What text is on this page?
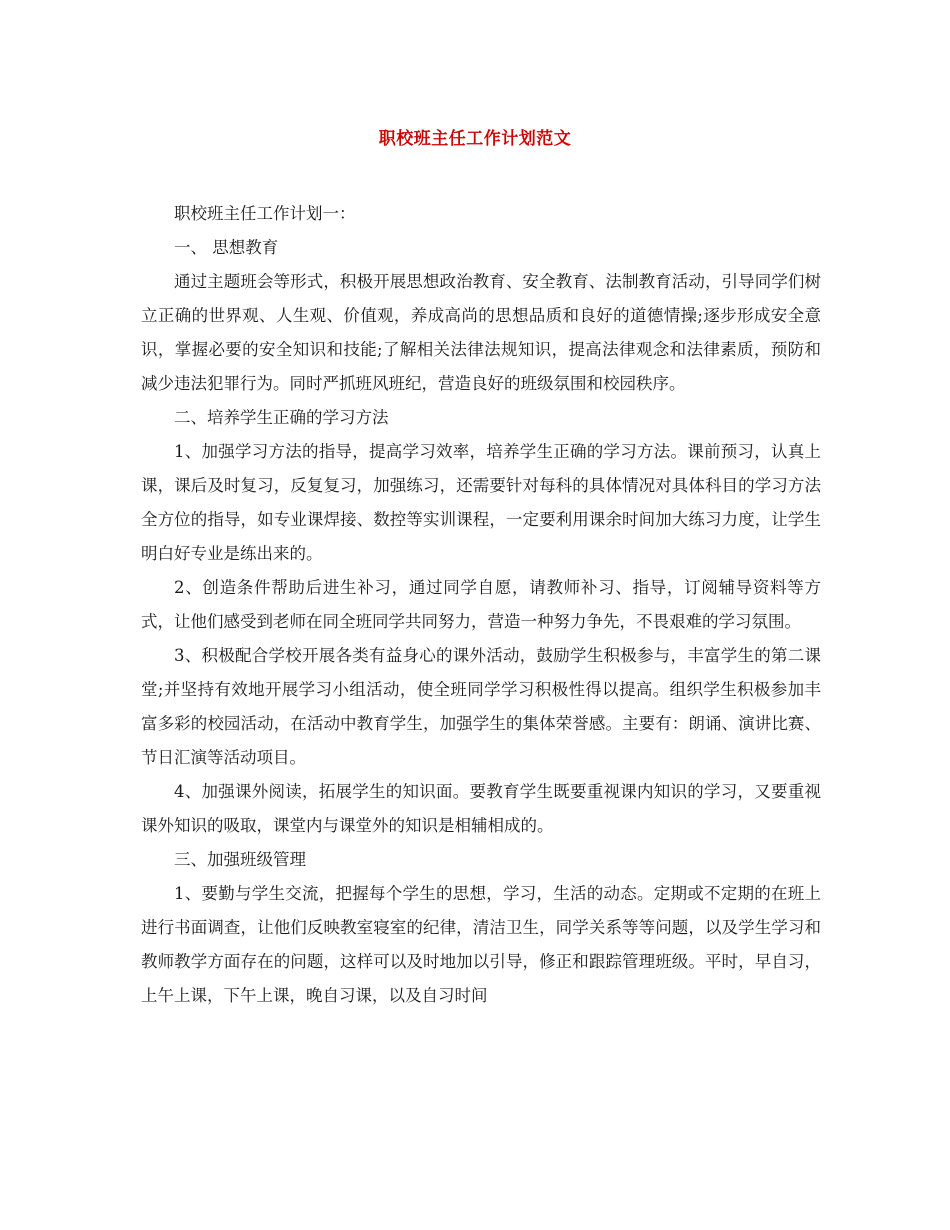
职校班主任工作计划范文

职校班主任工作计划一：

一、 思想教育

通过主题班会等形式，积极开展思想政治教育、安全教育、法制教育活动，引导同学们树立正确的世界观、人生观、价值观，养成高尚的思想品质和良好的道德情操;逐步形成安全意识，掌握必要的安全知识和技能;了解相关法律法规知识，提高法律观念和法律素质，预防和减少违法犯罪行为。同时严抓班风班纪，营造良好的班级氛围和校园秩序。

二、培养学生正确的学习方法

1、加强学习方法的指导，提高学习效率，培养学生正确的学习方法。课前预习，认真上课，课后及时复习，反复复习，加强练习，还需要针对每科的具体情况对具体科目的学习方法全方位的指导，如专业课焊接、数控等实训课程，一定要利用课余时间加大练习力度，让学生明白好专业是练出来的。

2、创造条件帮助后进生补习，通过同学自愿，请教师补习、指导，订阅辅导资料等方式，让他们感受到老师在同全班同学共同努力，营造一种努力争先，不畏艰难的学习氛围。

3、积极配合学校开展各类有益身心的课外活动，鼓励学生积极参与，丰富学生的第二课堂;并坚持有效地开展学习小组活动，使全班同学学习积极性得以提高。组织学生积极参加丰富多彩的校园活动，在活动中教育学生，加强学生的集体荣誉感。主要有：朗诵、演讲比赛、节日汇演等活动项目。

4、加强课外阅读，拓展学生的知识面。要教育学生既要重视课内知识的学习，又要重视课外知识的吸取，课堂内与课堂外的知识是相辅相成的。

三、加强班级管理

1、要勤与学生交流，把握每个学生的思想，学习，生活的动态。定期或不定期的在班上进行书面调查，让他们反映教室寝室的纪律，清洁卫生，同学关系等等问题，以及学生学习和教师教学方面存在的问题，这样可以及时地加以引导，修正和跟踪管理班级。平时，早自习，上午上课，下午上课，晚自习课，以及自习时间
